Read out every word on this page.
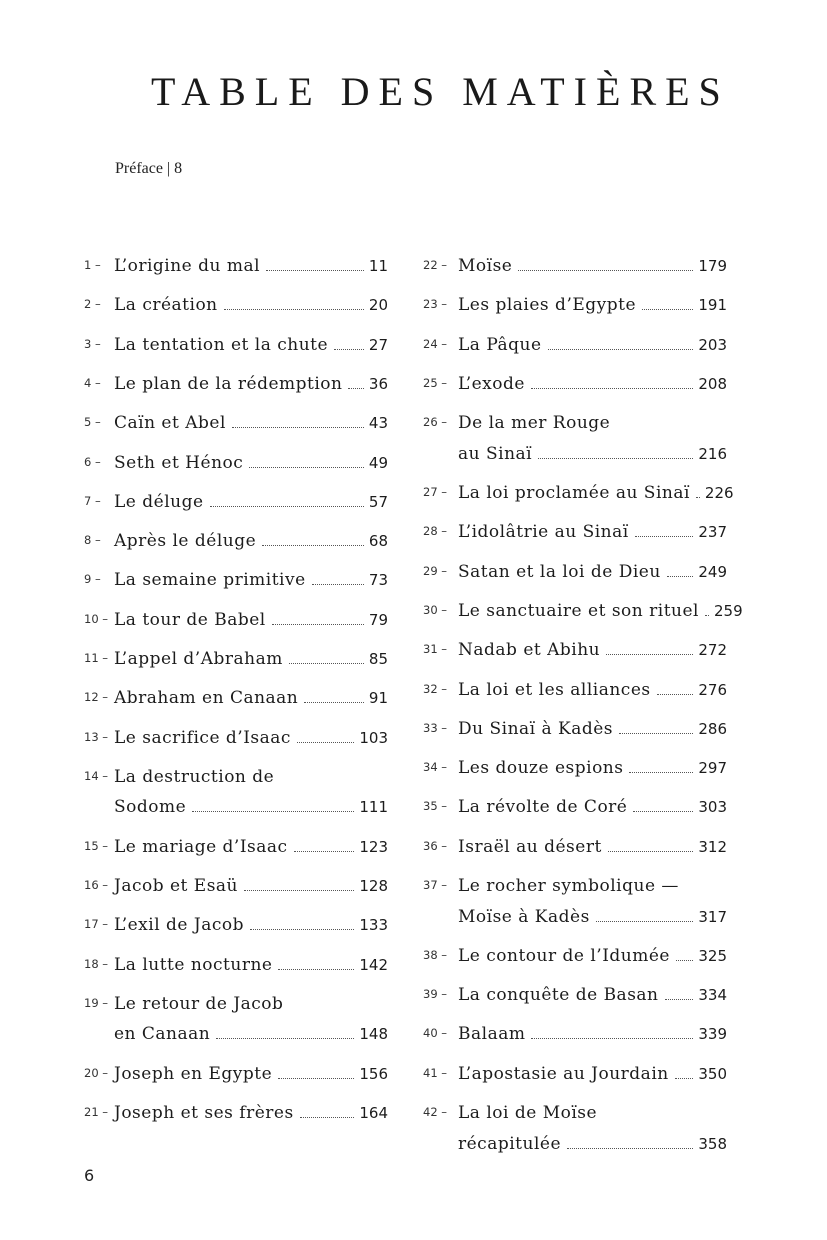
TABLE DES MATIÈRES
Préface | 8
1 – L’origine du mal	11
2 – La création	20
3 – La tentation et la chute	27
4 – Le plan de la rédemption 36
5 – Caïn et Abel	43
6 – Seth et Hénoc	49
7 – Le déluge	57
8 – Après le déluge	68
9 – La semaine primitive	73
10 – La tour de Babel	79
11 – L’appel d’Abraham	85
12 – Abraham en Canaan	91
13 – Le sacrifice d’Isaac	103
14 – La destruction de
Sodome	111
15 – Le mariage d’Isaac	123
16 – Jacob et Esaü	128
17 – L’exil de Jacob	133
18 – La lutte nocturne	142
19 – Le retour de Jacob
en Canaan	148
20 – Joseph en Egypte	156
21 – Joseph et ses frères	164
22 – Moïse	179
23 – Les plaies d’Egypte	191
24 – La Pâque	203
25 – L’exode	208
26 – De la mer Rouge
au Sinaï	216
27 – La loi proclamée au Sinaï 226
28 – L’idolâtrie au Sinaï	237
29 – Satan et la loi de Dieu	249
30 – Le sanctuaire et son rituel 259
31 – Nadab et Abihu	272
32 – La loi et les alliances	276
33 – Du Sinaï à Kadès	286
34 – Les douze espions	297
35 – La révolte de Coré	303
36 – Israël au désert	312
37 – Le rocher symbolique —
Moïse à Kadès	317
38 – Le contour de l’Idumée 325
39 – La conquête de Basan	334
40 – Balaam	339
41 – L’apostasie au Jourdain 350
42 – La loi de Moïse
récapitulée	358
6
